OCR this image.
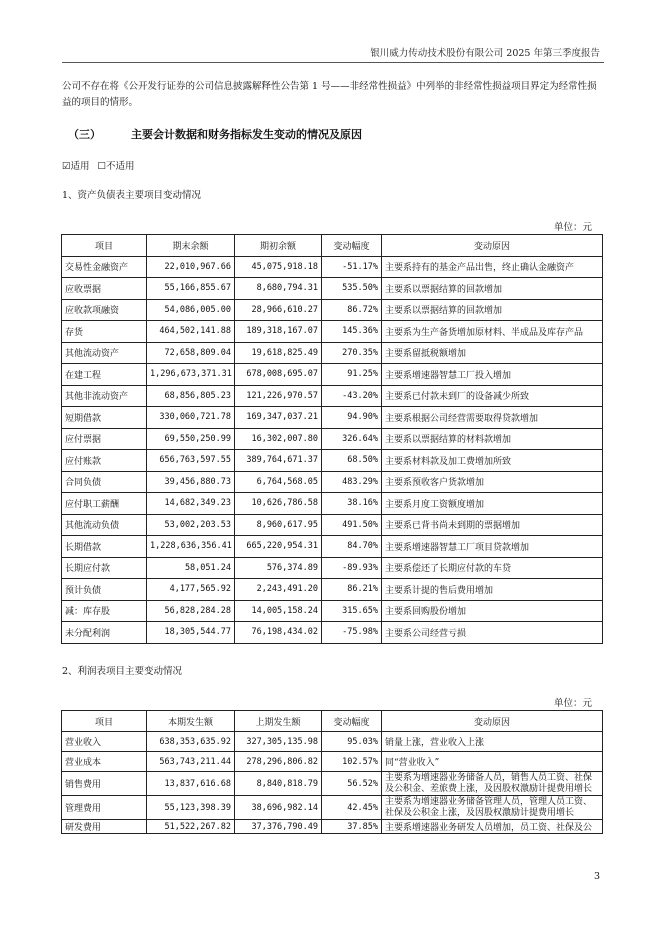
银川威力传动技术股份有限公司 2025 年第三季度报告
公司不存在将《公开发行证券的公司信息披露解释性公告第 1 号——非经常性损益》中列举的非经常性损益项目界定为经常性损益的项目的情形。
（三）	主要会计数据和财务指标发生变动的情况及原因
☑适用 ☐不适用
1、资产负债表主要项目变动情况
单位：元
项目	期末余额	期初余额	变动幅度	变动原因
交易性金融资产	22,010,967.66	45,075,918.18	-51.17%	主要系持有的基金产品出售，终止确认金融资产
应收票据	55,166,855.67	8,680,794.31	535.50%	主要系以票据结算的回款增加
应收款项融资	54,086,005.00	28,966,610.27	86.72%	主要系以票据结算的回款增加
存货	464,502,141.88	189,318,167.07	145.36%	主要系为生产备货增加原材料、半成品及库存产品
其他流动资产	72,658,809.04	19,618,825.49	270.35%	主要系留抵税额增加
在建工程	1,296,673,371.31	678,008,695.07	91.25%	主要系增速器智慧工厂投入增加
其他非流动资产	68,856,805.23	121,226,970.57	-43.20%	主要系已付款未到厂的设备减少所致
短期借款	330,060,721.78	169,347,037.21	94.90%	主要系根据公司经营需要取得贷款增加
应付票据	69,550,250.99	16,302,007.80	326.64%	主要系以票据结算的材料款增加
应付账款	656,763,597.55	389,764,671.37	68.50%	主要系材料款及加工费增加所致
合同负债	39,456,880.73	6,764,568.05	483.29%	主要系预收客户货款增加
应付职工薪酬	14,682,349.23	10,626,786.58	38.16%	主要系月度工资额度增加
其他流动负债	53,002,203.53	8,960,617.95	491.50%	主要系已背书尚未到期的票据增加
长期借款	1,228,636,356.41	665,220,954.31	84.70%	主要系增速器智慧工厂项目贷款增加
长期应付款	58,051.24	576,374.89	-89.93%	主要系偿还了长期应付款的车贷
预计负债	4,177,565.92	2,243,491.20	86.21%	主要系计提的售后费用增加
减：库存股	56,828,284.28	14,005,158.24	315.65%	主要系回购股份增加
未分配利润	18,305,544.77	76,198,434.02	-75.98%	主要系公司经营亏损
2、利润表项目主要变动情况
单位：元
项目	本期发生额	上期发生额	变动幅度	变动原因
营业收入	638,353,635.92	327,305,135.98	95.03%	销量上涨，营业收入上涨
营业成本	563,743,211.44	278,296,806.82	102.57%	同“营业收入”
销售费用	13,837,616.68	8,840,818.79	56.52%	主要系为增速器业务储备人员，销售人员工资、社保及公积金、差旅费上涨，及因股权激励计提费用增长
管理费用	55,123,398.39	38,696,982.14	42.45%	主要系为增速器业务储备管理人员，管理人员工资、社保及公积金上涨，及因股权激励计提费用增长
研发费用	51,522,267.82	37,376,790.49	37.85%	主要系增速器业务研发人员增加，员工资、社保及公
3
